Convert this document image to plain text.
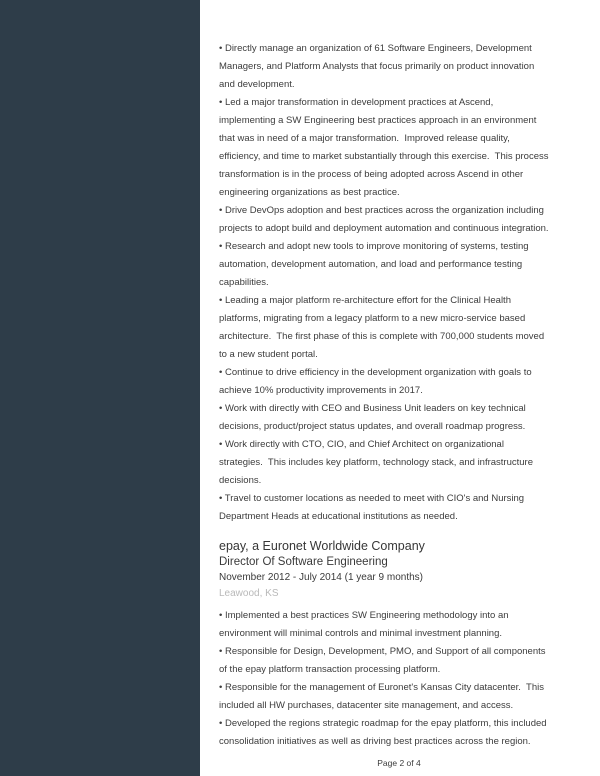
• Directly manage an organization of 61 Software Engineers, Development
Managers, and Platform Analysts that focus primarily on product innovation
and development.
• Led a major transformation in development practices at Ascend,
implementing a SW Engineering best practices approach in an environment
that was in need of a major transformation.  Improved release quality,
efficiency, and time to market substantially through this exercise.  This process
transformation is in the process of being adopted across Ascend in other
engineering organizations as best practice.
• Drive DevOps adoption and best practices across the organization including
projects to adopt build and deployment automation and continuous integration.
• Research and adopt new tools to improve monitoring of systems, testing
automation, development automation, and load and performance testing
capabilities.
• Leading a major platform re-architecture effort for the Clinical Health
platforms, migrating from a legacy platform to a new micro-service based
architecture.  The first phase of this is complete with 700,000 students moved
to a new student portal.
• Continue to drive efficiency in the development organization with goals to
achieve 10% productivity improvements in 2017.
• Work with directly with CEO and Business Unit leaders on key technical
decisions, product/project status updates, and overall roadmap progress.
• Work directly with CTO, CIO, and Chief Architect on organizational
strategies.  This includes key platform, technology stack, and infrastructure
decisions.
• Travel to customer locations as needed to meet with CIO's and Nursing
Department Heads at educational institutions as needed.
epay, a Euronet Worldwide Company
Director Of Software Engineering
November 2012 - July 2014 (1 year 9 months)
Leawood, KS
• Implemented a best practices SW Engineering methodology into an
environment will minimal controls and minimal investment planning.
• Responsible for Design, Development, PMO, and Support of all components
of the epay platform transaction processing platform.
• Responsible for the management of Euronet's Kansas City datacenter.  This
included all HW purchases, datacenter site management, and access.
• Developed the regions strategic roadmap for the epay platform, this included
consolidation initiatives as well as driving best practices across the region.
Page 2 of 4
